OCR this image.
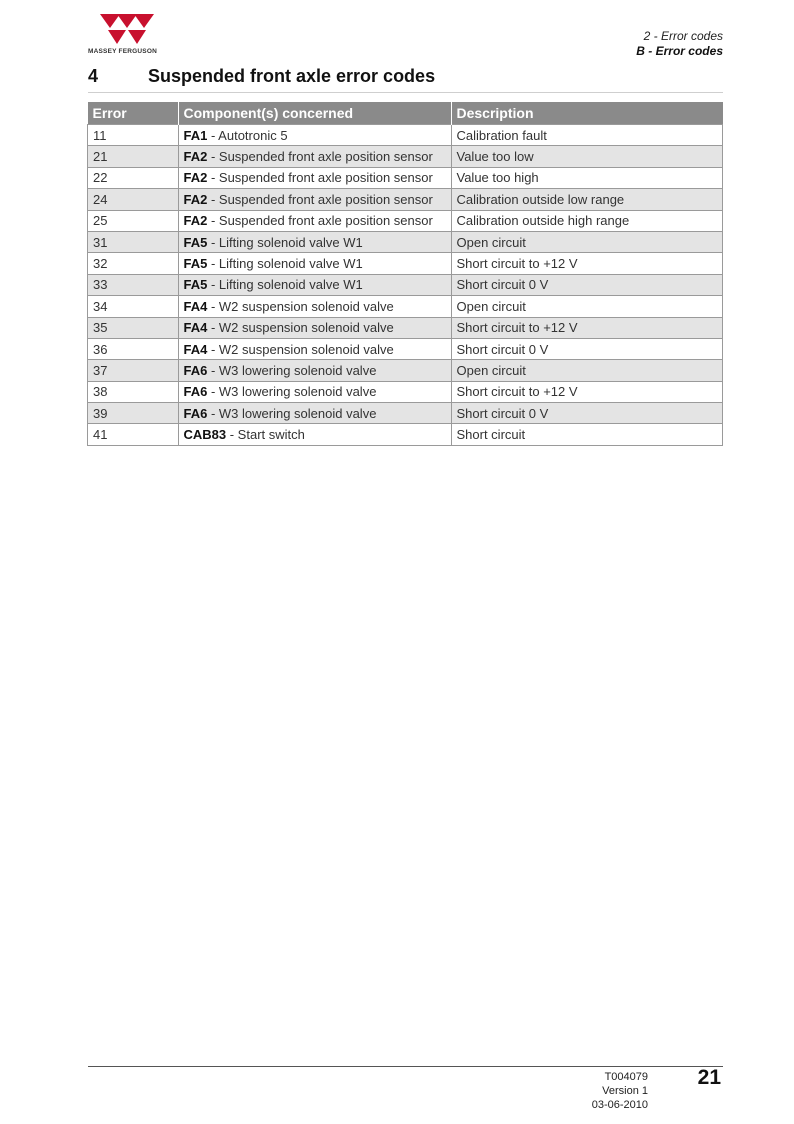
MASSEY FERGUSON
2 - Error codes
B - Error codes
4	Suspended front axle error codes
Error	Component(s) concerned	Description
11	FA1 - Autotronic 5	Calibration fault
21	FA2 - Suspended front axle position sensor	Value too low
22	FA2 - Suspended front axle position sensor	Value too high
24	FA2 - Suspended front axle position sensor	Calibration outside low range
25	FA2 - Suspended front axle position sensor	Calibration outside high range
31	FA5 - Lifting solenoid valve W1	Open circuit
32	FA5 - Lifting solenoid valve W1	Short circuit to +12 V
33	FA5 - Lifting solenoid valve W1	Short circuit 0 V
34	FA4 - W2 suspension solenoid valve	Open circuit
35	FA4 - W2 suspension solenoid valve	Short circuit to +12 V
36	FA4 - W2 suspension solenoid valve	Short circuit 0 V
37	FA6 - W3 lowering solenoid valve	Open circuit
38	FA6 - W3 lowering solenoid valve	Short circuit to +12 V
39	FA6 - W3 lowering solenoid valve	Short circuit 0 V
41	CAB83 - Start switch	Short circuit
T004079
Version 1
03-06-2010
21
